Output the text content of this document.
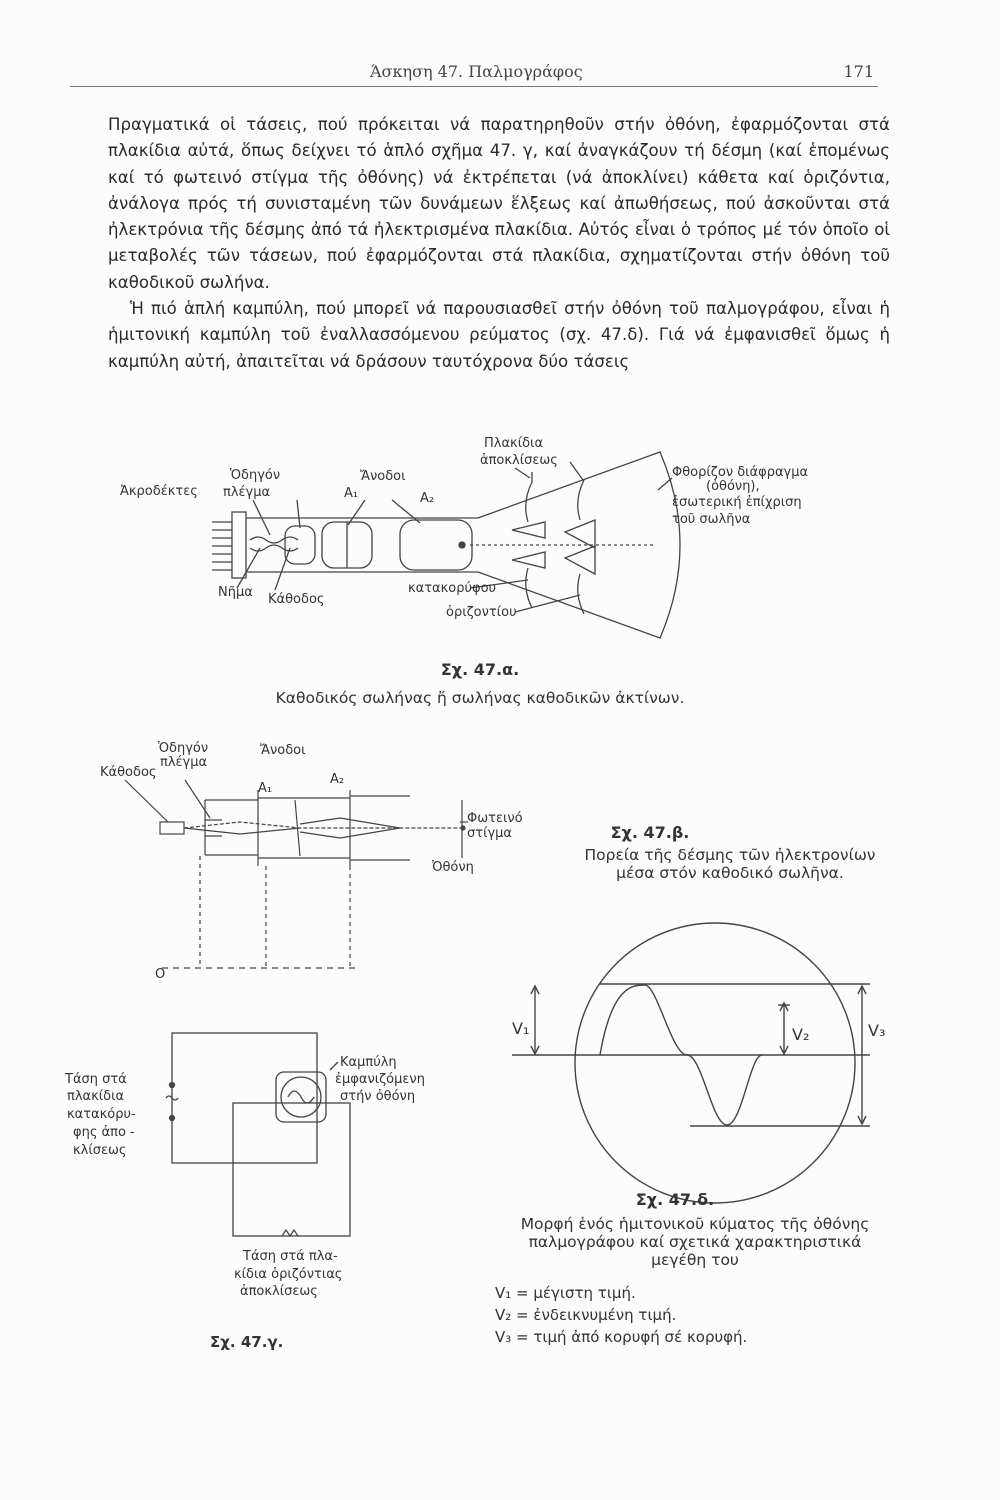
Άσκηση 47. Παλμογράφος	171

Πραγματικά οἱ τάσεις, πού πρόκειται νά παρατηρηθοῦν στήν ὀθόνη, ἐφαρμόζονται στά πλακίδια αὐτά, ὅπως δείχνει τό ἁπλό σχῆμα 47. γ, καί ἀναγκάζουν τή δέσμη (καί ἑπομένως καί τό φωτεινό στίγμα τῆς ὀθόνης) νά ἐκτρέπεται (νά ἀποκλίνει) κάθετα καί ὁριζόντια, ἀνάλογα πρός τή συνισταμένη τῶν δυνάμεων ἕλξεως καί ἀπωθήσεως, πού ἀσκοῦνται στά ἠλεκτρόνια τῆς δέσμης ἀπό τά ἠλεκτρισμένα πλακίδια. Αὐτός εἶναι ὁ τρόπος μέ τόν ὁποῖο οἱ μεταβολές τῶν τάσεων, πού ἐφαρμόζονται στά πλακίδια, σχηματίζονται στήν ὀθόνη τοῦ καθοδικοῦ σωλήνα.

Ἡ πιό ἁπλή καμπύλη, πού μπορεῖ νά παρουσιασθεῖ στήν ὀθόνη τοῦ παλμογράφου, εἶναι ἡ ἡμιτονική καμπύλη τοῦ ἐναλλασσόμενου ρεύματος (σχ. 47.δ). Γιά νά ἐμφανισθεῖ ὅμως ἡ καμπύλη αὐτή, ἀπαιτεῖται νά δράσουν ταυτόχρονα δύο τάσεις

Ἀκροδέκτες
Ὁδηγόν
πλέγμα
Ἄνοδοι
A₁	A₂
Πλακίδια
ἀποκλίσεως
Φθορίζον διάφραγμα
(ὀθόνη),
ἐσωτερική ἐπίχριση
τοῦ σωλῆνα
Νῆμα Κάθοδος
κατακορύφου
ὁριζοντίου
Κάθοδος
Ὁδηγόν
πλέγμα
Ἄνοδοι
A₁
A₂
Φωτεινό
στίγμα
Ὀθόνη
O
Τάση στά
πλακίδια
κατακόρυ-
φης ἀπο -
κλίσεως
Καμπύλη
ἐμφανιζόμενη
στήν ὀθόνη
Τάση στά πλα-
κίδια ὁριζόντιας
ἀποκλίσεως
Σχ. 47.γ.
V₁	V₂	V₃
Σχ. 47.α.
Καθοδικός σωλήνας ἤ σωλήνας καθοδικῶν ἀκτίνων.
Σχ. 47.β.
Πορεία τῆς δέσμης τῶν ἠλεκτρονίων
μέσα στόν καθοδικό σωλῆνα.
Σχ. 47.δ.
Μορφή ἑνός ἡμιτονικοῦ κύματος τῆς ὀθόνης
παλμογράφου καί σχετικά χαρακτηριστικά
μεγέθη του
V₁ = μέγιστη τιμή.
V₂ = ἐνδεικνυμένη τιμή.
V₃ = τιμή ἀπό κορυφή σέ κορυφή.
